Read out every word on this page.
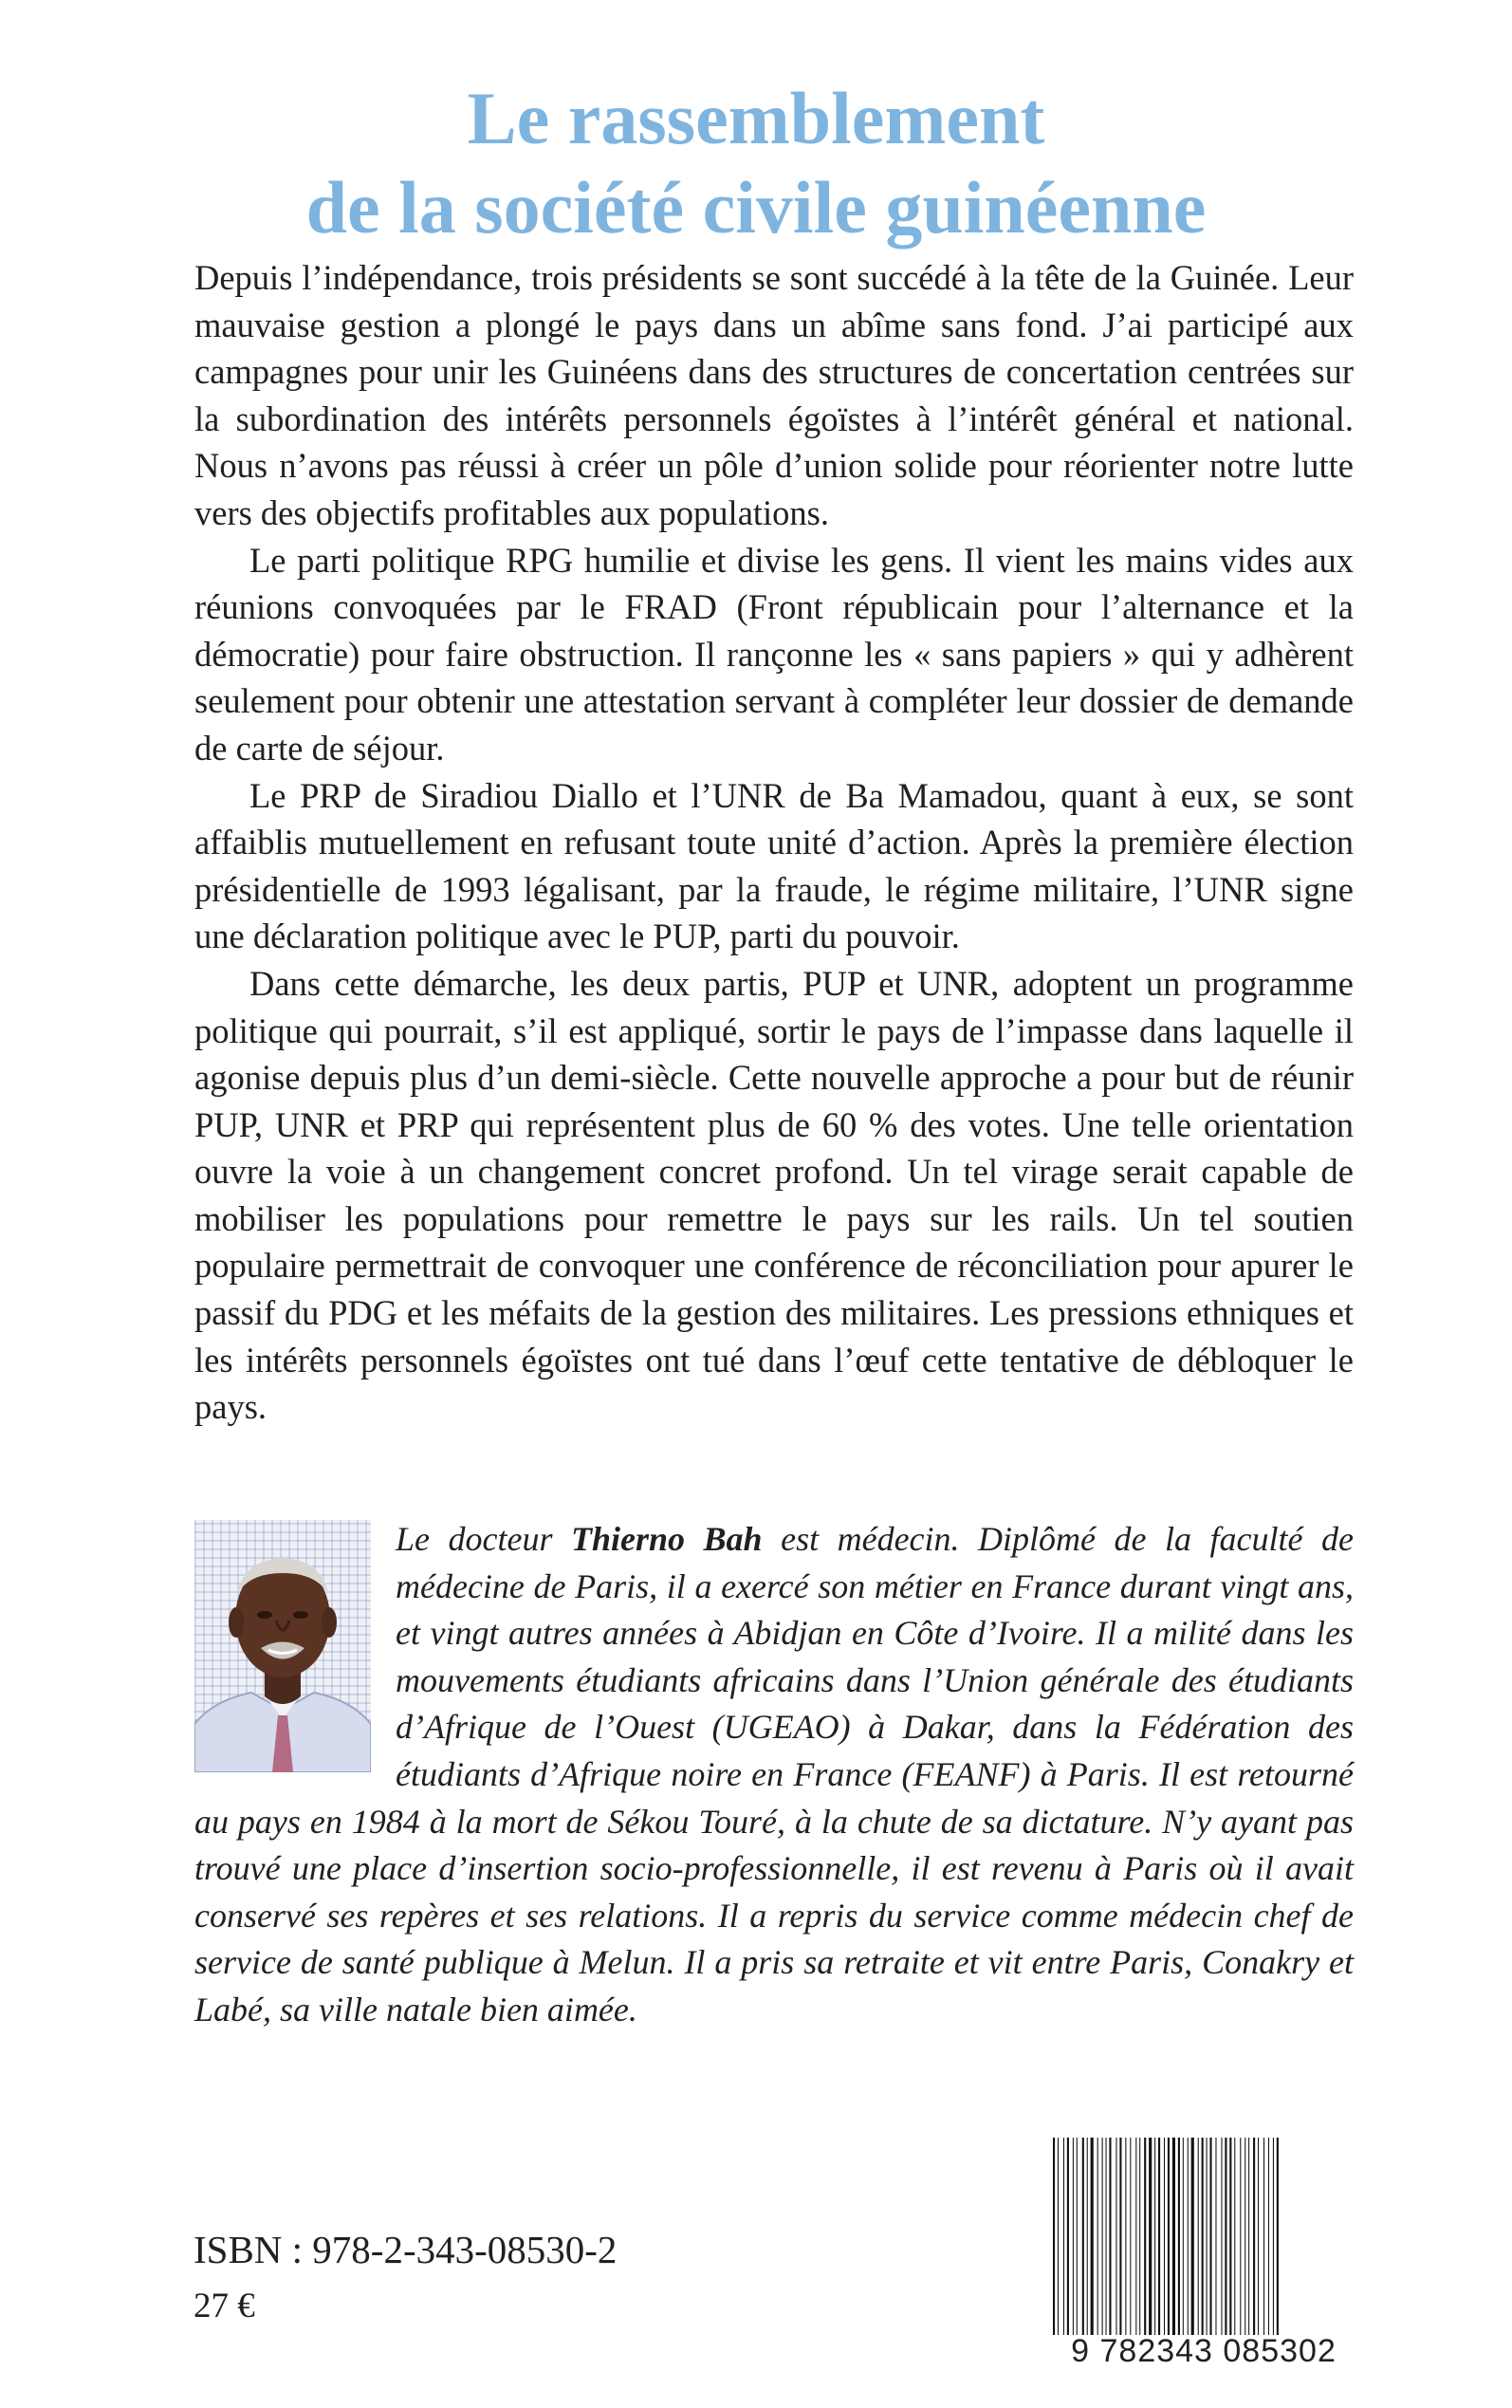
Le rassemblement
de la société civile guinéenne

Depuis l’indépendance, trois présidents se sont succédé à la tête de la Guinée. Leur mauvaise gestion a plongé le pays dans un abîme sans fond. J’ai participé aux campagnes pour unir les Guinéens dans des structures de concertation centrées sur la subordination des intérêts personnels égoïstes à l’intérêt général et national. Nous n’avons pas réussi à créer un pôle d’union solide pour réorienter notre lutte vers des objectifs profitables aux populations.

Le parti politique RPG humilie et divise les gens. Il vient les mains vides aux réunions convoquées par le FRAD (Front républicain pour l’alternance et la démocratie) pour faire obstruction. Il rançonne les « sans papiers » qui y adhèrent seulement pour obtenir une attestation servant à compléter leur dossier de demande de carte de séjour.

Le PRP de Siradiou Diallo et l’UNR de Ba Mamadou, quant à eux, se sont affaiblis mutuellement en refusant toute unité d’action. Après la première élection présidentielle de 1993 légalisant, par la fraude, le régime militaire, l’UNR signe une déclaration politique avec le PUP, parti du pouvoir.

Dans cette démarche, les deux partis, PUP et UNR, adoptent un programme politique qui pourrait, s’il est appliqué, sortir le pays de l’impasse dans laquelle il agonise depuis plus d’un demi-siècle. Cette nouvelle approche a pour but de réunir PUP, UNR et PRP qui représentent plus de 60 % des votes. Une telle orientation ouvre la voie à un changement concret profond. Un tel virage serait capable de mobiliser les populations pour remettre le pays sur les rails. Un tel soutien populaire permettrait de convoquer une conférence de réconciliation pour apurer le passif du PDG et les méfaits de la gestion des militaires. Les pressions ethniques et les intérêts personnels égoïstes ont tué dans l’œuf cette tentative de débloquer le pays.

Le docteur Thierno Bah est médecin. Diplômé de la faculté de médecine de Paris, il a exercé son métier en France durant vingt ans, et vingt autres années à Abidjan en Côte d’Ivoire. Il a milité dans les mouvements étudiants africains dans l’Union générale des étudiants d’Afrique de l’Ouest (UGEAO) à Dakar, dans la Fédération des étudiants d’Afrique noire en France (FEANF) à Paris. Il est retourné au pays en 1984 à la mort de Sékou Touré, à la chute de sa dictature. N’y ayant pas trouvé une place d’insertion socio-professionnelle, il est revenu à Paris où il avait conservé ses repères et ses relations. Il a repris du service comme médecin chef de service de santé publique à Melun. Il a pris sa retraite et vit entre Paris, Conakry et Labé, sa ville natale bien aimée.

ISBN : 978-2-343-08530-2

27 €

9 782343 085302
